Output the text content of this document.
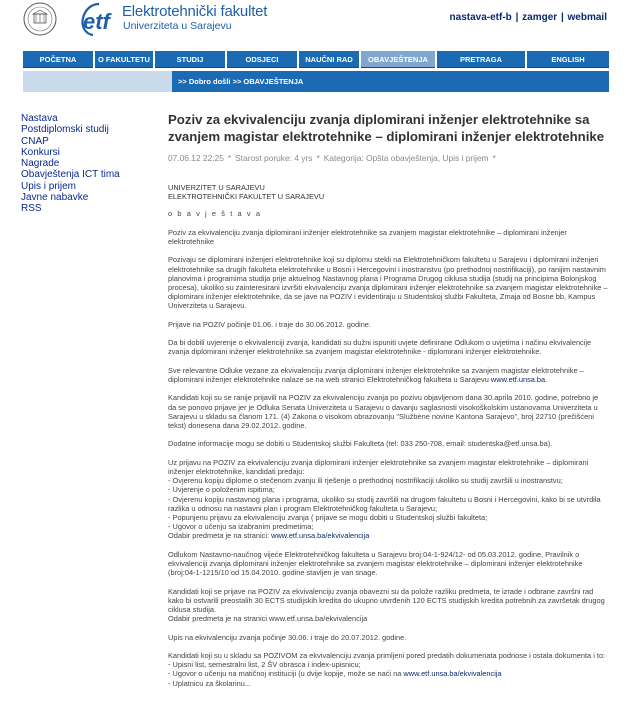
etf Elektrotehnički fakultet
Univerziteta u Sarajevu
nastava-etf-b | zamger | webmail
POČETNA	O FAKULTETU	STUDIJ	ODSJECI	NAUČNI RAD	OBAVJEŠTENJA	PRETRAGA	ENGLISH
>> Dobro došli >> OBAVJEŠTENJA
Nastava
Postdiplomski studij
CNAP
Konkursi
Nagrade
Obavještenja ICT tima
Upis i prijem
Javne nabavke
RSS
Poziv za ekvivalenciju zvanja diplomirani inženjer elektrotehnike sa zvanjem magistar elektrotehnike – diplomirani inženjer elektrotehnike
07.06.12 22:25 * Starost poruke: 4 yrs * Kategorija: Opšta obavještenja, Upis i prijem *
UNIVERZITET U SARAJEVU
ELEKTROTEHNIČKI FAKULTET U SARAJEVU

o b a v j e š t a v a

Poziv za ekvivalenciju zvanja diplomirani inženjer elektrotehnike sa zvanjem magistar elektrotehnike – diplomirani inženjer elektrotehnike

Pozivaju se diplomirani inženjeri elektrotehnike koji su diplomu stekli na Elektrotehničkom fakultetu u Sarajevu i diplomirani inženjeri elektrotehnike sa drugih fakulteta elektrotehnike u Bosni i Hercegovini i inostranstvu (po prethodnoj nostrifikaciji), po ranijim nastavnim planovima i programima studija prije aktuelnog Nastavnog plana i Programa Drugog ciklusa studija (studij na principima Bolonjskog procesa), ukoliko su zainteresirani izvršiti ekvivalenciju zvanja diplomirani inženjer elektrotehnike sa zvanjem magistar elektrotehnike – diplomirani inženjer elektrotehnike, da se jave na POZIV i evidentiraju u Studentskoj službi Fakulteta, Zmaja od Bosne bb, Kampus Univerziteta u Sarajevu.

Prijave na POZIV počinje 01.06. i traje do 30.06.2012. godine.

Da bi dobili uvjerenje o ekvivalenciji zvanja, kandidati su dužni ispuniti uvjete definirane Odlukom o uvjetima i načinu ekvivalencije zvanja diplomirani inženjer elektrotehnike sa zvanjem magistar elektrotehnike - diplomirani inženjer elektrotehnike.

Sve relevantne Odluke vezane za ekvivalenciju zvanja diplomirani inženjer elektrotehnike sa zvanjem magistar elektrotehnike – diplomirani inženjer elektrotehnike nalaze se na web stranici Elektrotehničkog fakulteta u Sarajevu www.etf.unsa.ba.

Kandidati koji su se ranije prijavili na POZIV za ekvivalenciju zvanja po pozivu objavljenom dana 30.aprila 2010. godine, potrebno je da se ponovo prijave jer je Odluka Senata Univerziteta u Sarajevu o davanju saglasnosti visokoškolskim ustanovama Univerziteta u Sarajevu u skladu sa članom 171. (4) Zakona o visokom obrazovanju "Službene novine Kantona Sarajevo", broj 22710 (prečišćeni tekst) donesena dana 29.02.2012. godine.

Dodatne informacije mogu se dobiti u Studentskoj službi Fakulteta (tel: 033 250-708, email: studentska@etf.unsa.ba).

Uz prijavu na POZIV za ekvivalenciju zvanja diplomirani inženjer elektrotehnike sa zvanjem magistar elektrotehnike – diplomirani inženjer elektrotehnike, kandidati predaju:
- Ovjerenu kopiju diplome o stečenom zvanju ili rješenje o prethodnoj nostrifikaciji ukoliko su studij završili u inostranstvu;
- Uvjerenje o položenim ispitima;
- Ovjerenu kopiju nastavnog plana i programa, ukoliko su studij završili na drugom fakultetu u Bosni i Hercegovini, kako bi se utvrdila razlika u odnosu na nastavni plan i program Elektrotehničkog fakulteta u Sarajevu;
- Popunjenu prijavu za ekvivalenciju zvanja ( prijave se mogu dobiti u Studentskoj službi fakulteta;
- Ugovor o učenju sa izabranim predmetima;
Odabir predmeta je na stranici: www.etf.unsa.ba/ekvivalencija

Odlukom Nastavno-naučnog vijeće Elektrotehničkog fakulteta u Sarajevu broj:04-1-924/12- od 05.03.2012. godine, Pravilnik o ekvivalenciji zvanja diplomirani inženjer elektrotehnike sa zvanjem magistar elektrotehnike – diplomirani inženjer elektrotehnike (broj:04-1-1215/10 od 15.04.2010. godine stavljen je van snage.

Kandidati koji se prijave na POZIV za ekvivalenciju zvanja obavezni su da polože razliku predmeta, te izrade i odbrane završni rad kako bi ostvarili preostalih 30 ECTS studijskih kredita do ukupno utvrđenih 120 ECTS studijskih kredita potrebnih za završetak drugog ciklusa studija.
Odabir predmeta je na stranici www.etf.unsa.ba/ekvivalencija

Upis na ekvivalenciju zvanja počinje 30.06. i traje do 20.07.2012. godine.

Kandidati koji su u skladu sa POZIVOM za ekvivalenciju zvanja primljeni pored predatih dokumenata podnose i ostala dokumenta i to:
- Upisni list, semestralni list, 2 ŠV obrasca i index-upisnicu;
- Ugovor o učenju na matičnoj instituciji (u dvije kopije, može se naći na www.etf.unsa.ba/ekvivalencija
- Uplatnicu za školarinu...
